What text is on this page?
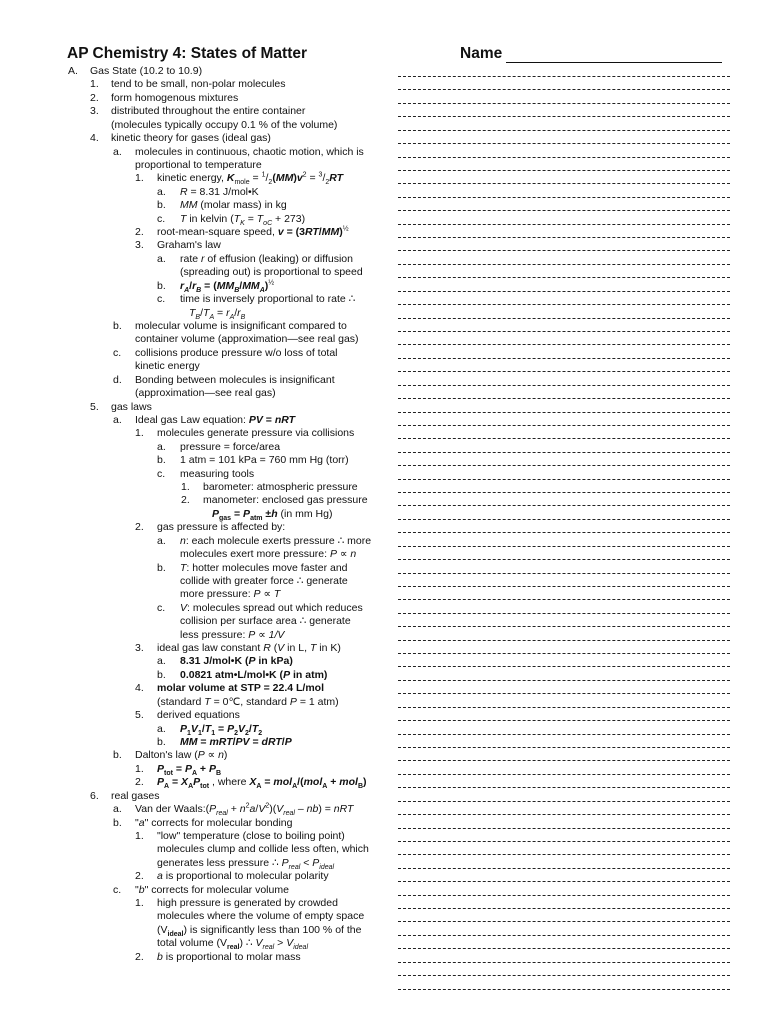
AP Chemistry 4: States of Matter	Name
A. Gas State (10.2 to 10.9)
1. tend to be small, non-polar molecules
2. form homogenous mixtures
3. distributed throughout the entire container
(molecules typically occupy 0.1 % of the volume)
4. kinetic theory for gases (ideal gas)
a. molecules in continuous, chaotic motion, which is
proportional to temperature
1. kinetic energy, $K_{mole} = ^1/_2(MM)v^2 = ^3/_2RT$
a. R = 8.31 J/mol•K
b. MM (molar mass) in kg
c. T in kelvin $(T_K = T_{oC} + 273)$
2. root-mean-square speed, $v = (3RT/MM)^{\frac{1}{2}}$
3. Graham's law
a. rate r of effusion (leaking) or diffusion
(spreading out) is proportional to speed
b. $r_A/r_B = (MM_B/MM_A)^{\frac{1}{2}}$
c. time is inversely proportional to rate ∴
$T_B/T_A = r_A/r_B$
b. molecular volume is insignificant compared to
container volume (approximation—see real gas)
c. collisions produce pressure w/o loss of total
kinetic energy
d. Bonding between molecules is insignificant
(approximation—see real gas)
5. gas laws
a. Ideal gas Law equation: PV = nRT
1. molecules generate pressure via collisions
a. pressure = force/area
b. 1 atm = 101 kPa = 760 mm Hg (torr)
c. measuring tools
1. barometer: atmospheric pressure
2. manometer: enclosed gas pressure
$P_{gas} = P_{atm} \pm h$ (in mm Hg)
2. gas pressure is affected by:
a. n: each molecule exerts pressure ∴ more
molecules exert more pressure: P ∝ n
b. T: hotter molecules move faster and
collide with greater force ∴ generate
more pressure: P ∝ T
c. V: molecules spread out which reduces
collision per surface area ∴ generate
less pressure: P ∝ 1/V
3. ideal gas law constant R (V in L, T in K)
a. 8.31 J/mol•K (P in kPa)
b. 0.0821 atm•L/mol•K (P in atm)
4. molar volume at STP = 22.4 L/mol
(standard T = 0℃, standard P = 1 atm)
5. derived equations
a. $P_1V_1/T_1 = P_2V_2/T_2$
b. MM = mRT/PV = dRT/P
b. Dalton's law (P ∝ n)
1. $P_{tot} = P_A + P_B$
2. $P_A = X_AP_{tot}$ , where $X_A = mol_A/(mol_A + mol_B)$
6. real gases
a. Van der $Waals:(P_{real} + n^2a/V^2)(V_{real} - nb)$ = nRT
b. "a" corrects for molecular bonding
1. "low" temperature (close to boiling point)
molecules clump and collide less often, which
generates less pressure ∴ $P_{real} < P_{ideal}$
2. a is proportional to molecular polarity
c. "b" corrects for molecular volume
1. high pressure is generated by crowded
molecules where the volume of empty space
$(V_{ideal})$ is significantly less than 100 % of the
total volume $(V_{real})$ ∴ $V_{real} > V_{ideal}$
2. b is proportional to molar mass
